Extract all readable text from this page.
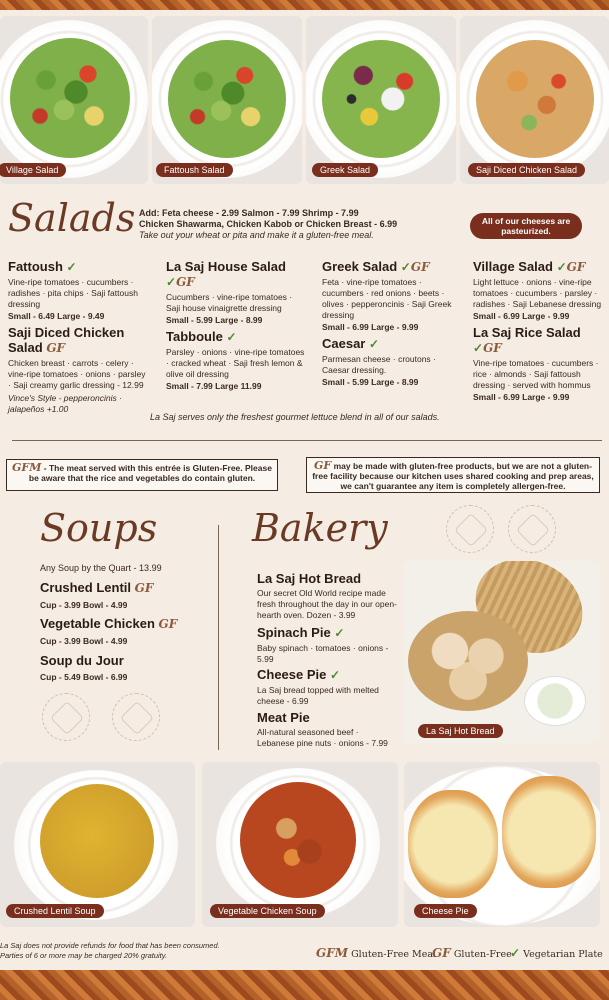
Village Salad	Fattoush Salad	Greek Salad	Saji Diced Chicken Salad
Salads Add: Feta cheese - 2.99 Salmon - 7.99 Shrimp - 7.99
Chicken Shawarma, Chicken Kabob or Chicken Breast - 6.99
Take out your wheat or pita and make it a gluten-free meal.
All of our cheeses are pasteurized.
Fattoush ✓
Vine-ripe tomatoes · cucumbers · radishes · pita chips · Saji fattoush dressing
Small - 6.49 Large - 9.49
Saji Diced Chicken Salad GF
Chicken breast · carrots · celery · vine-ripe tomatoes · onions · parsley · Saji creamy garlic dressing - 12.99
Vince's Style - pepperoncinis · jalapeños +1.00
La Saj House Salad ✓GF
Cucumbers · vine-ripe tomatoes · Saji house vinaigrette dressing
Small - 5.99 Large - 8.99
Tabboule ✓
Parsley · onions · vine-ripe tomatoes · cracked wheat · Saji fresh lemon & olive oil dressing
Small - 7.99 Large 11.99
Greek Salad ✓GF
Feta · vine-ripe tomatoes · cucumbers · red onions · beets · olives · pepperoncinis · Saji Greek dressing
Small - 6.99 Large - 9.99
Caesar ✓
Parmesan cheese · croutons · Caesar dressing.
Small - 5.99 Large - 8.99
Village Salad ✓GF
Light lettuce · onions · vine-ripe tomatoes · cucumbers · parsley · radishes · Saji Lebanese dressing
Small - 6.99 Large - 9.99
La Saj Rice Salad ✓GF
Vine-ripe tomatoes · cucumbers · rice · almonds · Saji fattoush dressing · served with hommus
Small - 6.99 Large - 9.99
La Saj serves only the freshest gourmet lettuce blend in all of our salads.
GFM - The meat served with this entrée is Gluten-Free. Please be aware that the rice and vegetables do contain gluten.
GF may be made with gluten-free products, but we are not a gluten-free facility because our kitchen uses shared cooking and prep areas, we can't guarantee any item is completely allergen-free.
Soups
Any Soup by the Quart - 13.99
Crushed Lentil GF
Cup - 3.99 Bowl - 4.99
Vegetable Chicken GF
Cup - 3.99 Bowl - 4.99
Soup du Jour
Cup - 5.49 Bowl - 6.99
Bakery
La Saj Hot Bread
Our secret Old World recipe made fresh throughout the day in our open-hearth oven. Dozen - 3.99
Spinach Pie ✓
Baby spinach · tomatoes · onions - 5.99
Cheese Pie ✓
La Saj bread topped with melted cheese - 6.99
Meat Pie
All-natural seasoned beef · Lebanese pine nuts · onions - 7.99
La Saj Hot Bread
Crushed Lentil Soup	Vegetable Chicken Soup	Cheese Pie
La Saj does not provide refunds for food that has been consumed.
Parties of 6 or more may be charged 20% gratuity.	GFM Gluten-Free Meal
GF Gluten-Free
✓ Vegetarian Plate
